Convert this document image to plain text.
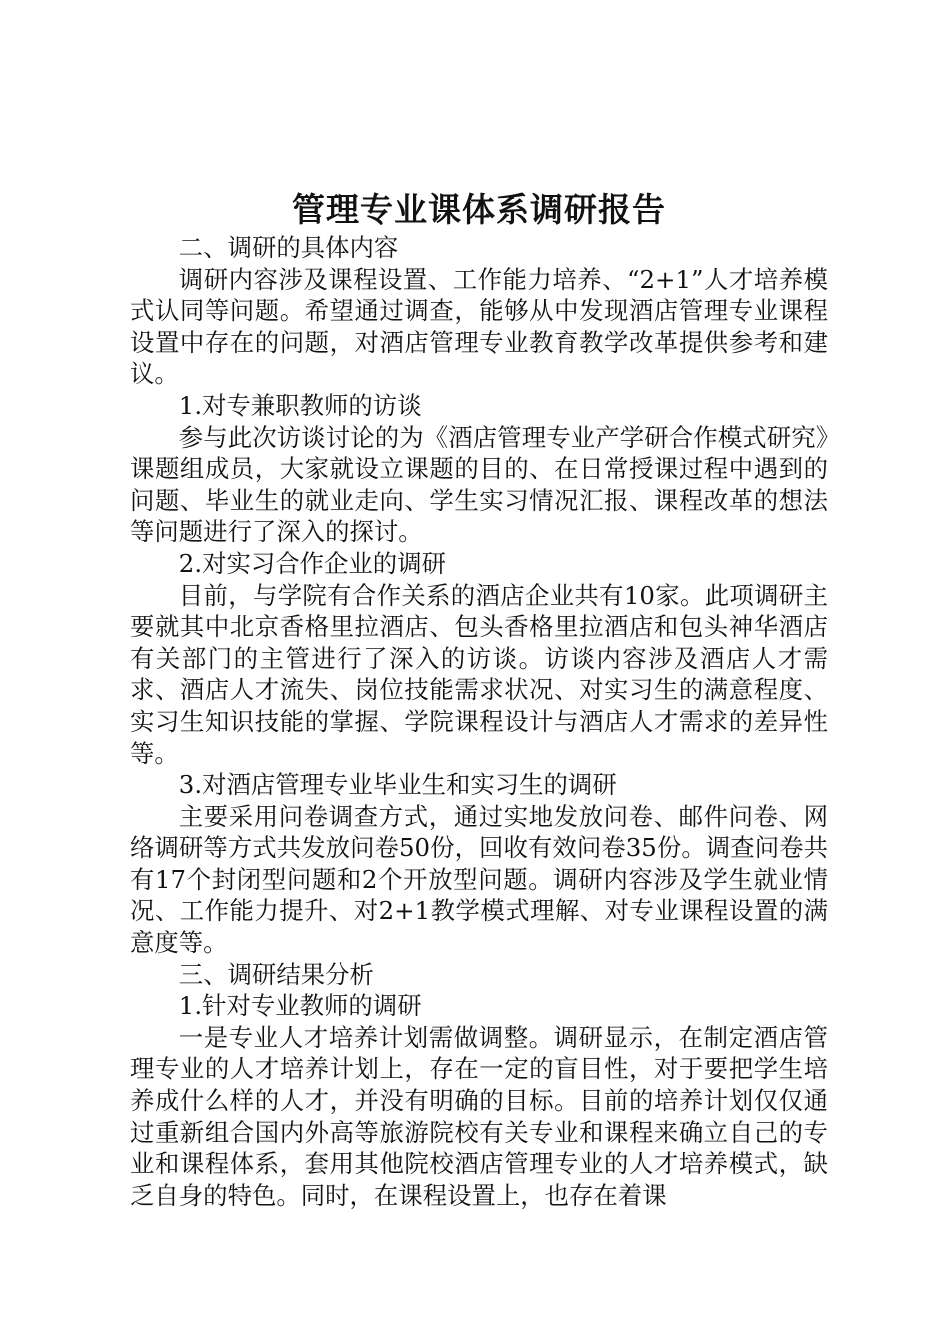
管理专业课体系调研报告

二、调研的具体内容

调研内容涉及课程设置、工作能力培养、“2+1”人才培养模式认同等问题。希望通过调查，能够从中发现酒店管理专业课程设置中存在的问题，对酒店管理专业教育教学改革提供参考和建议。

1.对专兼职教师的访谈

参与此次访谈讨论的为《酒店管理专业产学研合作模式研究》课题组成员，大家就设立课题的目的、在日常授课过程中遇到的问题、毕业生的就业走向、学生实习情况汇报、课程改革的想法等问题进行了深入的探讨。

2.对实习合作企业的调研

目前，与学院有合作关系的酒店企业共有10家。此项调研主要就其中北京香格里拉酒店、包头香格里拉酒店和包头神华酒店有关部门的主管进行了深入的访谈。访谈内容涉及酒店人才需求、酒店人才流失、岗位技能需求状况、对实习生的满意程度、实习生知识技能的掌握、学院课程设计与酒店人才需求的差异性等。

3.对酒店管理专业毕业生和实习生的调研

主要采用问卷调查方式，通过实地发放问卷、邮件问卷、网络调研等方式共发放问卷50份，回收有效问卷35份。调查问卷共有17个封闭型问题和2个开放型问题。调研内容涉及学生就业情况、工作能力提升、对2+1教学模式理解、对专业课程设置的满意度等。

三、调研结果分析

1.针对专业教师的调研

一是专业人才培养计划需做调整。调研显示，在制定酒店管理专业的人才培养计划上，存在一定的盲目性，对于要把学生培养成什么样的人才，并没有明确的目标。目前的培养计划仅仅通过重新组合国内外高等旅游院校有关专业和课程来确立自己的专业和课程体系，套用其他院校酒店管理专业的人才培养模式，缺乏自身的特色。同时，在课程设置上，也存在着课
